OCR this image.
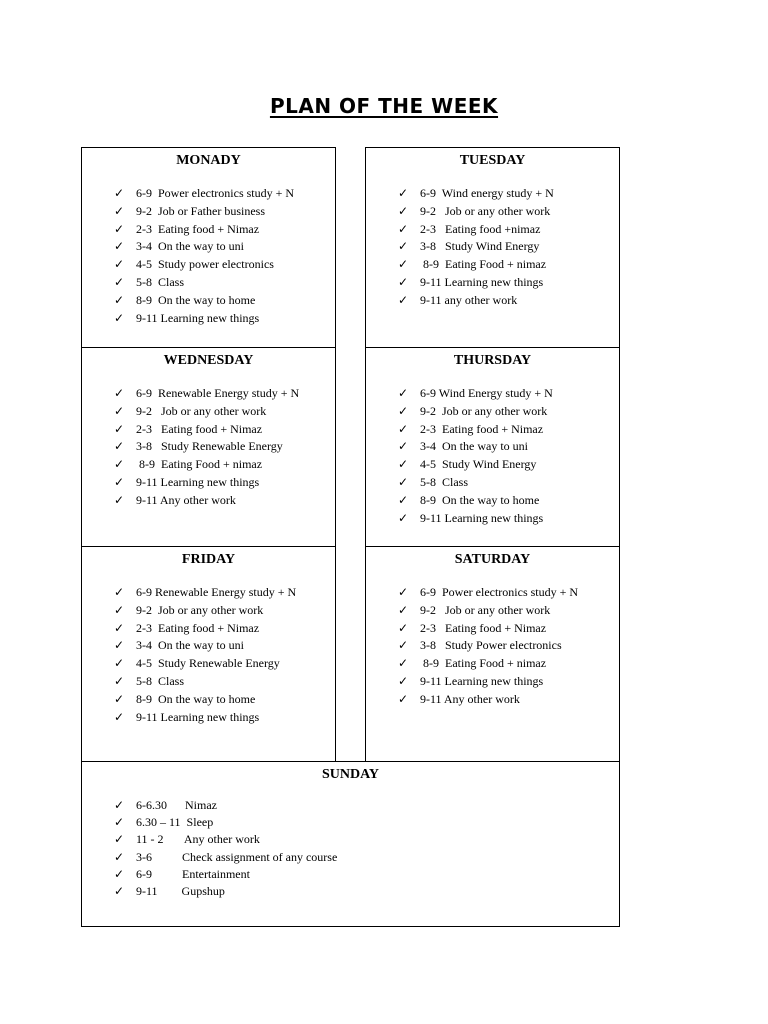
PLAN OF THE WEEK
MONADY
✓ 6-9  Power electronics study + N
✓ 9-2  Job or Father business
✓ 2-3  Eating food + Nimaz
✓ 3-4  On the way to uni
✓ 4-5  Study power electronics
✓ 5-8  Class
✓ 8-9  On the way to home
✓ 9-11 Learning new things
TUESDAY
✓ 6-9  Wind energy study + N
✓ 9-2   Job or any other work
✓ 2-3   Eating food +nimaz
✓ 3-8   Study Wind Energy
✓ 8-9  Eating Food + nimaz
✓ 9-11 Learning new things
✓ 9-11 any other work
WEDNESDAY
✓ 6-9  Renewable Energy study + N
✓ 9-2   Job or any other work
✓ 2-3   Eating food + Nimaz
✓ 3-8   Study Renewable Energy
✓ 8-9  Eating Food + nimaz
✓ 9-11 Learning new things
✓ 9-11 Any other work
THURSDAY
✓ 6-9 Wind Energy study + N
✓ 9-2  Job or any other work
✓ 2-3  Eating food + Nimaz
✓ 3-4  On the way to uni
✓ 4-5  Study Wind Energy
✓ 5-8  Class
✓ 8-9  On the way to home
✓ 9-11 Learning new things
FRIDAY
✓ 6-9 Renewable Energy study + N
✓ 9-2  Job or any other work
✓ 2-3  Eating food + Nimaz
✓ 3-4  On the way to uni
✓ 4-5  Study Renewable Energy
✓ 5-8  Class
✓ 8-9  On the way to home
✓ 9-11 Learning new things
SATURDAY
✓ 6-9  Power electronics study + N
✓ 9-2   Job or any other work
✓ 2-3   Eating food + Nimaz
✓ 3-8   Study Power electronics
✓ 8-9  Eating Food + nimaz
✓ 9-11 Learning new things
✓ 9-11 Any other work
SUNDAY
✓ 6-6.30      Nimaz
✓ 6.30 – 11  Sleep
✓ 11 - 2       Any other work
✓ 3-6          Check assignment of any course
✓ 6-9          Entertainment
✓ 9-11        Gupshup
